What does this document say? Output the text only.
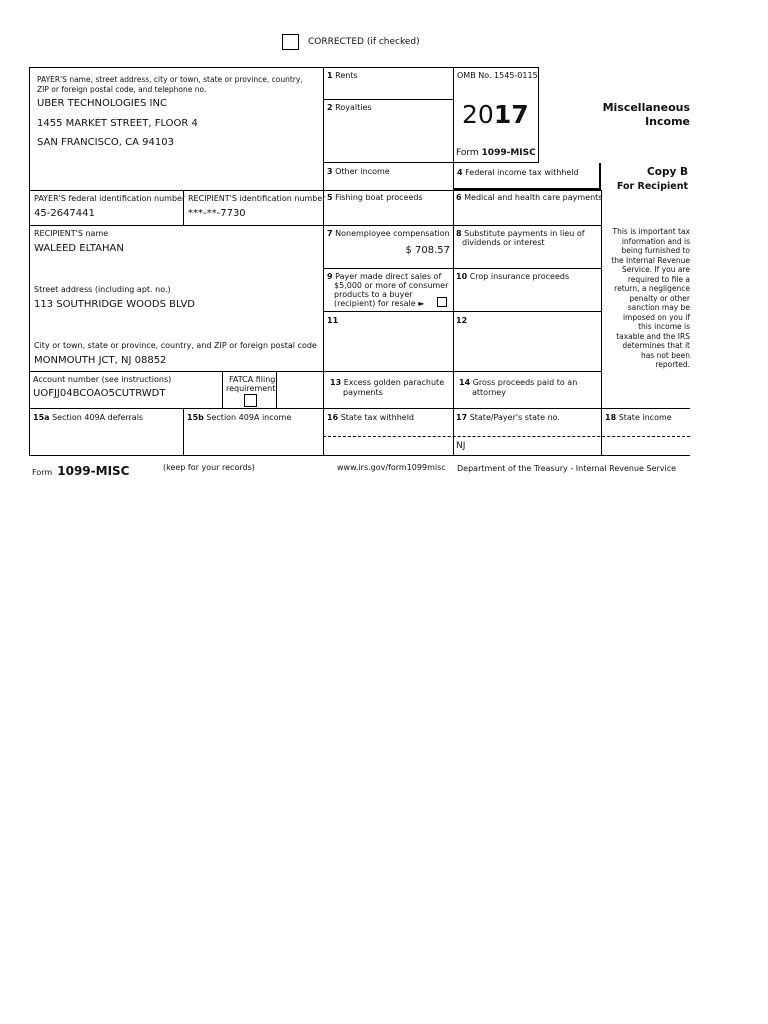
CORRECTED (if checked)
PAYER'S name, street address, city or town, state or province, country,
ZIP or foreign postal code, and telephone no.
UBER TECHNOLOGIES INC
1455 MARKET STREET, FLOOR 4
SAN FRANCISCO, CA 94103
PAYER'S federal identification number
45-2647441
RECIPIENT'S identification number
***-**-7730
RECIPIENT'S name
WALEED ELTAHAN
Street address (including apt. no.)
113 SOUTHRIDGE WOODS BLVD
City or town, state or province, country, and ZIP or foreign postal code
MONMOUTH JCT, NJ 08852
Account number (see instructions)
UOFJJ04BCOAO5CUTRWDT
FATCA filing
requirement
1 Rents
2 Royalties
3 Other income	4 Federal income tax withheld
5 Fishing boat proceeds	6 Medical and health care payments
7 Nonemployee compensation
$ 708.57
8 Substitute payments in lieu of
dividends or interest
9 Payer made direct sales of
$5,000 or more of consumer
products to a buyer
(recipient) for resale ►
10 Crop insurance proceeds
11	12
13 Excess golden parachute
payments
14 Gross proceeds paid to an
attorney
15a Section 409A deferrals	15b Section 409A income	16 State tax withheld	17 State/Payer's state no.
NJ
18 State income
OMB No. 1545-0115
2017
Form 1099-MISC
Miscellaneous
Income
Copy B
For Recipient
This is important tax
information and is
being furnished to
the Internal Revenue
Service. If you are
required to file a
return, a negligence
penalty or other
sanction may be
imposed on you if
this income is
taxable and the IRS
determines that it
has not been
reported.
Form 1099-MISC	(keep for your records)	www.irs.gov/form1099misc Department of the Treasury - Internal Revenue Service
